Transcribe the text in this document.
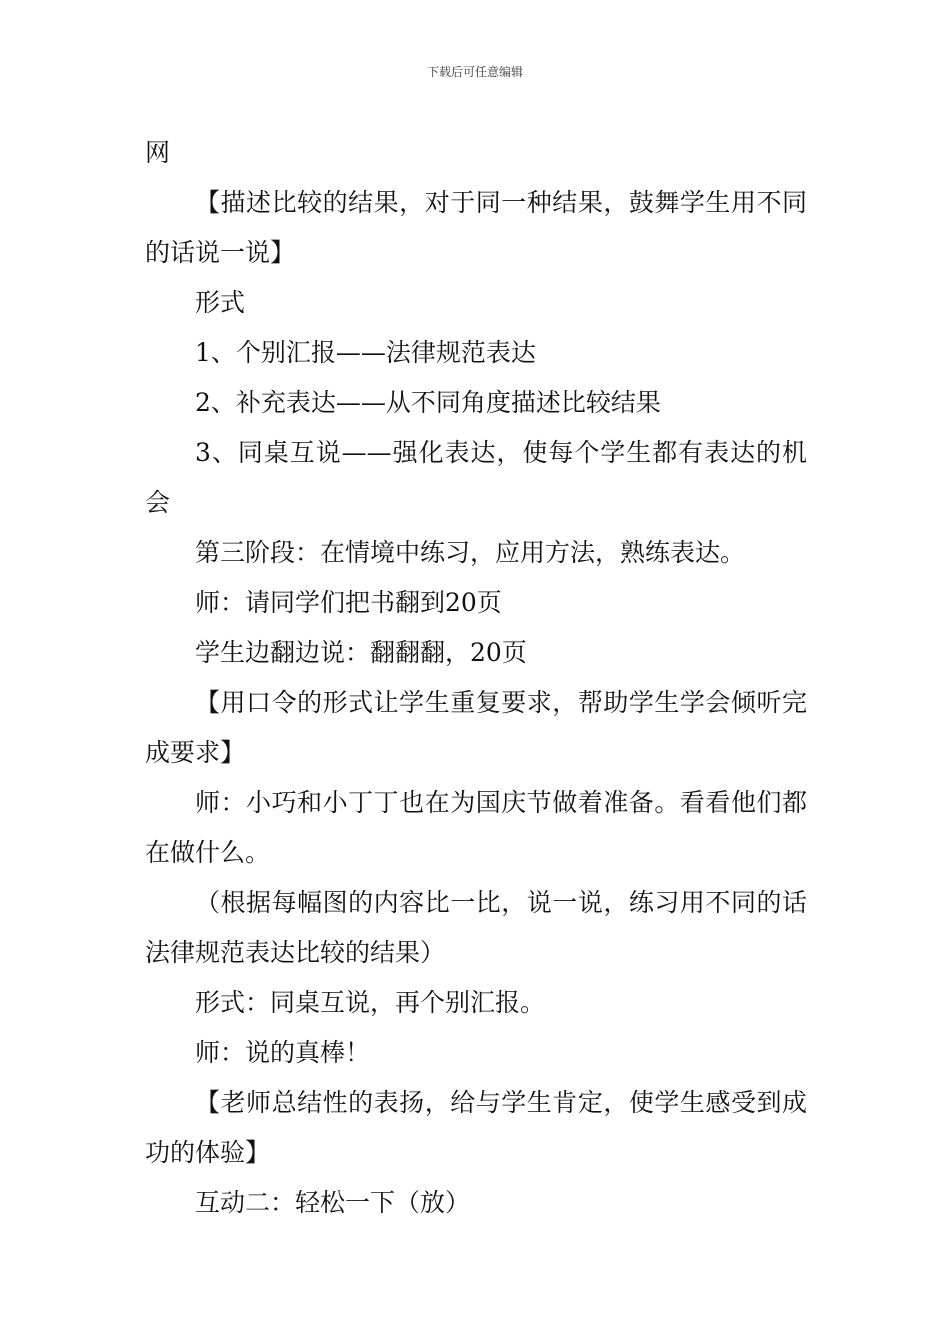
下载后可任意编辑

网

【描述比较的结果，对于同一种结果，鼓舞学生用不同的话说一说】

形式

1、个别汇报——法律规范表达

2、补充表达——从不同角度描述比较结果

3、同桌互说——强化表达，使每个学生都有表达的机会

第三阶段：在情境中练习，应用方法，熟练表达。

师：请同学们把书翻到20页

学生边翻边说：翻翻翻，20页

【用口令的形式让学生重复要求，帮助学生学会倾听完成要求】

师：小巧和小丁丁也在为国庆节做着准备。看看他们都在做什么。

（根据每幅图的内容比一比，说一说，练习用不同的话法律规范表达比较的结果）

形式：同桌互说，再个别汇报。

师：说的真棒！

【老师总结性的表扬，给与学生肯定，使学生感受到成功的体验】

互动二：轻松一下（放）
